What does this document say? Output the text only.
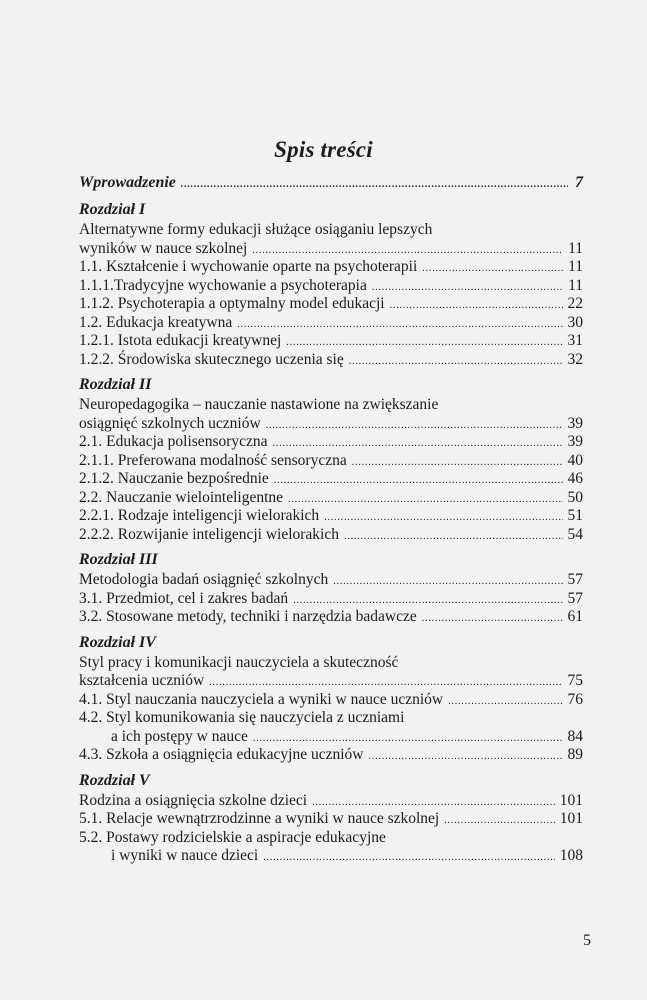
Spis treści
Wprowadzenie .....	7
Rozdział I
Alternatywne formy edukacji służące osiąganiu lepszych
wyników w nauce szkolnej .....	11
1.1. Kształcenie i wychowanie oparte na psychoterapii .....	11
1.1.1.Tradycyjne wychowanie a psychoterapia .....	11
1.1.2. Psychoterapia a optymalny model edukacji .....	22
1.2. Edukacja kreatywna .....	30
1.2.1. Istota edukacji kreatywnej .....	31
1.2.2. Środowiska skutecznego uczenia się .....	32
Rozdział II
Neuropedagogika – nauczanie nastawione na zwiększanie
osiągnięć szkolnych uczniów .....	39
2.1. Edukacja polisensoryczna .....	39
2.1.1. Preferowana modalność sensoryczna .....	40
2.1.2. Nauczanie bezpośrednie .....	46
2.2. Nauczanie wielointeligentne .....	50
2.2.1. Rodzaje inteligencji wielorakich .....	51
2.2.2. Rozwijanie inteligencji wielorakich .....	54
Rozdział III
Metodologia badań osiągnięć szkolnych .....	57
3.1. Przedmiot, cel i zakres badań .....	57
3.2. Stosowane metody, techniki i narzędzia badawcze .....	61
Rozdział IV
Styl pracy i komunikacji nauczyciela a skuteczność
kształcenia uczniów .....	75
4.1. Styl nauczania nauczyciela a wyniki w nauce uczniów .....	76
4.2. Styl komunikowania się nauczyciela z uczniami
a ich postępy w nauce .....	84
4.3. Szkoła a osiągnięcia edukacyjne uczniów .....	89
Rozdział V
Rodzina a osiągnięcia szkolne dzieci .....	101
5.1. Relacje wewnątrzrodzinne a wyniki w nauce szkolnej .....	101
5.2. Postawy rodzicielskie a aspiracje edukacyjne
i wyniki w nauce dzieci .....	108
5
